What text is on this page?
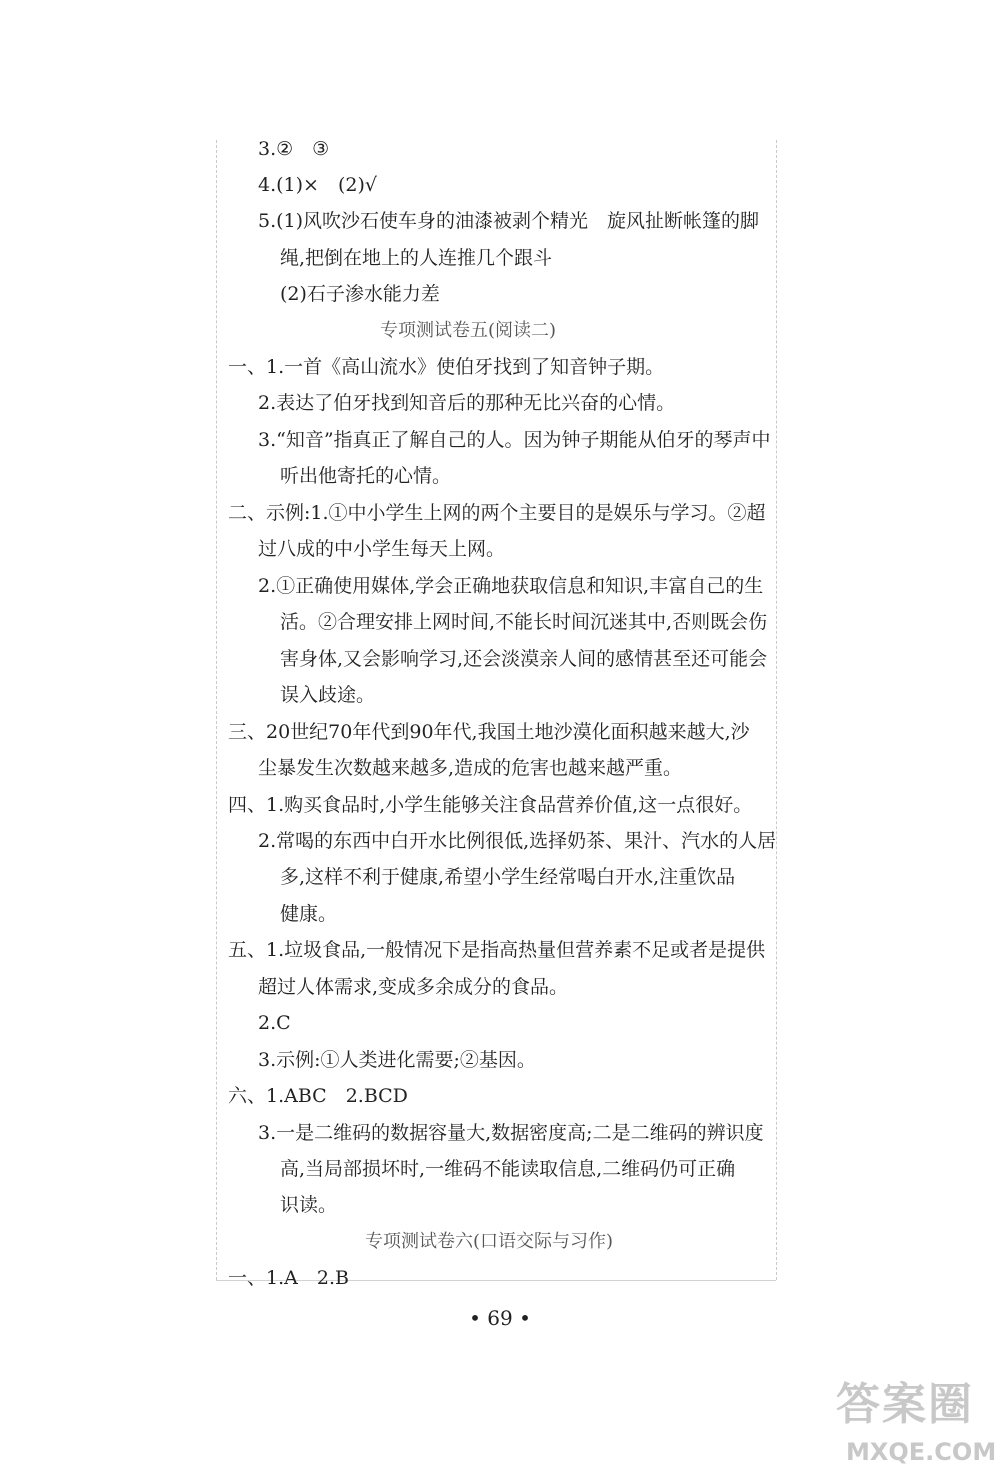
3.②　③
4.(1)×　(2)√
5.(1)风吹沙石使车身的油漆被剥个精光　旋风扯断帐篷的脚
绳,把倒在地上的人连推几个跟斗
(2)石子渗水能力差
专项测试卷五(阅读二)
一、1.一首《高山流水》使伯牙找到了知音钟子期。
2.表达了伯牙找到知音后的那种无比兴奋的心情。
3.“知音”指真正了解自己的人。因为钟子期能从伯牙的琴声中
听出他寄托的心情。
二、示例:1.①中小学生上网的两个主要目的是娱乐与学习。②超
过八成的中小学生每天上网。
2.①正确使用媒体,学会正确地获取信息和知识,丰富自己的生
活。②合理安排上网时间,不能长时间沉迷其中,否则既会伤
害身体,又会影响学习,还会淡漠亲人间的感情甚至还可能会
误入歧途。
三、20世纪70年代到90年代,我国土地沙漠化面积越来越大,沙
尘暴发生次数越来越多,造成的危害也越来越严重。
四、1.购买食品时,小学生能够关注食品营养价值,这一点很好。
2.常喝的东西中白开水比例很低,选择奶茶、果汁、汽水的人居
多,这样不利于健康,希望小学生经常喝白开水,注重饮品
健康。
五、1.垃圾食品,一般情况下是指高热量但营养素不足或者是提供
超过人体需求,变成多余成分的食品。
2.C
3.示例:①人类进化需要;②基因。
六、1.ABC　2.BCD
3.一是二维码的数据容量大,数据密度高;二是二维码的辨识度
高,当局部损坏时,一维码不能读取信息,二维码仍可正确
识读。
专项测试卷六(口语交际与习作)
一、1.A　2.B
• 69 •
答案圈
MXQE.COM
